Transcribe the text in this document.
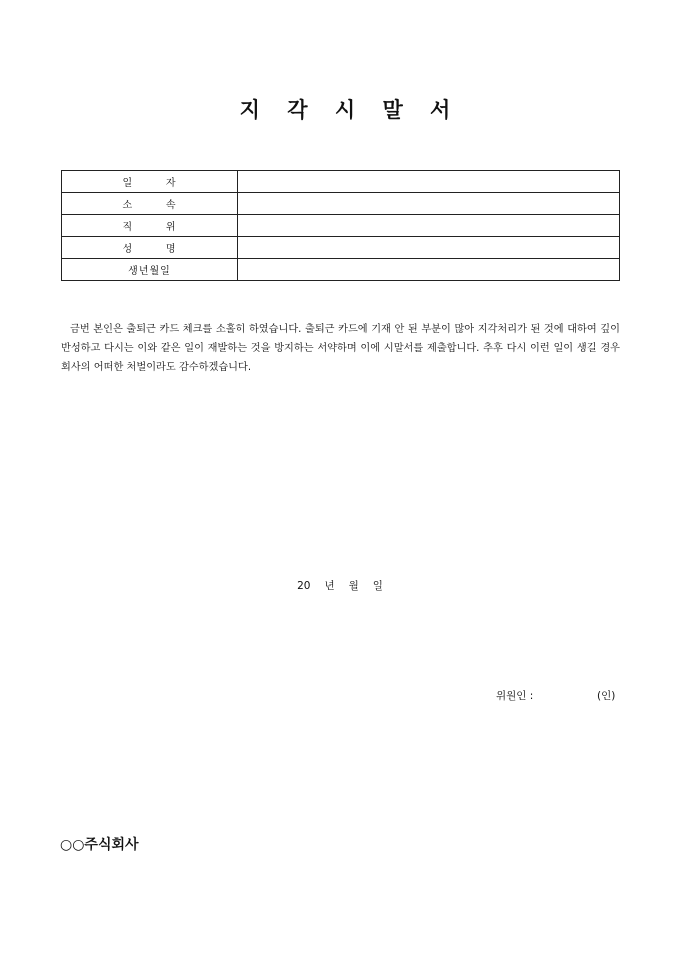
지 각 시 말 서
일 자	
소 속	
직 위	
성 명	
생년월일	
금번 본인은 출퇴근 카드 체크를 소홀히 하였습니다. 출퇴근 카드에 기재 안 된 부분이 많아 지각처리가 된 것에 대하여 깊이 반성하고 다시는 이와 같은 일이 재발하는 것을 방지하는 서약하며 이에 시말서를 제출합니다. 추후 다시 이런 일이 생길 경우 회사의 어떠한 처벌이라도 감수하겠습니다.
20 년 월 일
위원인 :	(인)
○○주식회사
